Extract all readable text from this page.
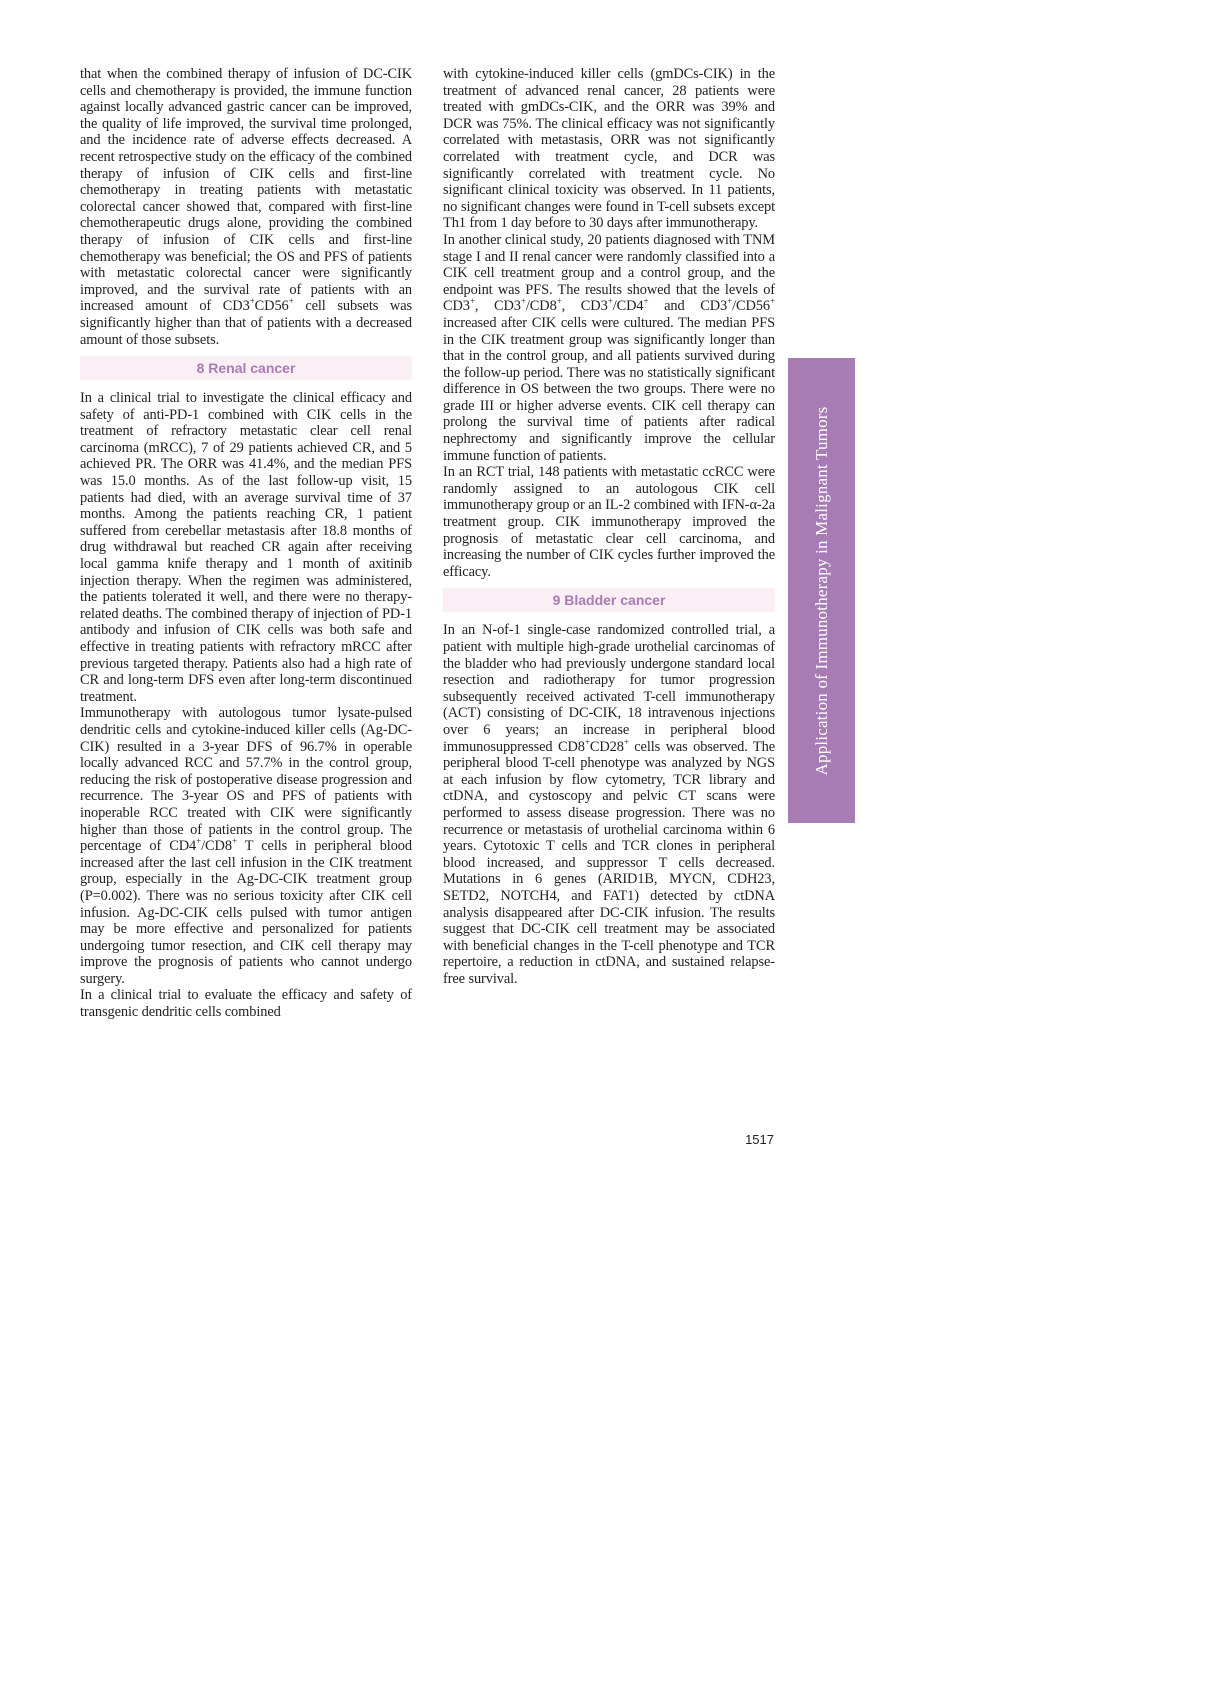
that when the combined therapy of infusion of DC-CIK cells and chemotherapy is provided, the immune function against locally advanced gastric cancer can be improved, the quality of life improved, the survival time prolonged, and the incidence rate of adverse effects decreased. A recent retrospective study on the efficacy of the combined therapy of infusion of CIK cells and first-line chemotherapy in treating patients with metastatic colorectal cancer showed that, compared with first-line chemotherapeutic drugs alone, providing the combined therapy of infusion of CIK cells and first-line chemotherapy was beneficial; the OS and PFS of patients with metastatic colorectal cancer were significantly improved, and the survival rate of patients with an increased amount of CD3+CD56+ cell subsets was significantly higher than that of patients with a decreased amount of those subsets.

8 Renal cancer

In a clinical trial to investigate the clinical efficacy and safety of anti-PD-1 combined with CIK cells in the treatment of refractory metastatic clear cell renal carcinoma (mRCC), 7 of 29 patients achieved CR, and 5 achieved PR. The ORR was 41.4%, and the median PFS was 15.0 months. As of the last follow-up visit, 15 patients had died, with an average survival time of 37 months. Among the patients reaching CR, 1 patient suffered from cerebellar metastasis after 18.8 months of drug withdrawal but reached CR again after receiving local gamma knife therapy and 1 month of axitinib injection therapy. When the regimen was administered, the patients tolerated it well, and there were no therapy-related deaths. The combined therapy of injection of PD-1 antibody and infusion of CIK cells was both safe and effective in treating patients with refractory mRCC after previous targeted therapy. Patients also had a high rate of CR and long-term DFS even after long-term discontinued treatment.

Immunotherapy with autologous tumor lysate-pulsed dendritic cells and cytokine-induced killer cells (Ag-DC-CIK) resulted in a 3-year DFS of 96.7% in operable locally advanced RCC and 57.7% in the control group, reducing the risk of postoperative disease progression and recurrence. The 3-year OS and PFS of patients with inoperable RCC treated with CIK were significantly higher than those of patients in the control group. The percentage of CD4+/CD8+ T cells in peripheral blood increased after the last cell infusion in the CIK treatment group, especially in the Ag-DC-CIK treatment group (P=0.002). There was no serious toxicity after CIK cell infusion. Ag-DC-CIK cells pulsed with tumor antigen may be more effective and personalized for patients undergoing tumor resection, and CIK cell therapy may improve the prognosis of patients who cannot undergo surgery.

In a clinical trial to evaluate the efficacy and safety of transgenic dendritic cells combined

with cytokine-induced killer cells (gmDCs-CIK) in the treatment of advanced renal cancer, 28 patients were treated with gmDCs-CIK, and the ORR was 39% and DCR was 75%. The clinical efficacy was not significantly correlated with metastasis, ORR was not significantly correlated with treatment cycle, and DCR was significantly correlated with treatment cycle. No significant clinical toxicity was observed. In 11 patients, no significant changes were found in T-cell subsets except Th1 from 1 day before to 30 days after immunotherapy.

In another clinical study, 20 patients diagnosed with TNM stage I and II renal cancer were randomly classified into a CIK cell treatment group and a control group, and the endpoint was PFS. The results showed that the levels of CD3+, CD3+/CD8+, CD3+/CD4+ and CD3+/CD56+ increased after CIK cells were cultured. The median PFS in the CIK treatment group was significantly longer than that in the control group, and all patients survived during the follow-up period. There was no statistically significant difference in OS between the two groups. There were no grade III or higher adverse events. CIK cell therapy can prolong the survival time of patients after radical nephrectomy and significantly improve the cellular immune function of patients.

In an RCT trial, 148 patients with metastatic ccRCC were randomly assigned to an autologous CIK cell immunotherapy group or an IL-2 combined with IFN-α-2a treatment group. CIK immunotherapy improved the prognosis of metastatic clear cell carcinoma, and increasing the number of CIK cycles further improved the efficacy.

9 Bladder cancer

In an N-of-1 single-case randomized controlled trial, a patient with multiple high-grade urothelial carcinomas of the bladder who had previously undergone standard local resection and radiotherapy for tumor progression subsequently received activated T-cell immunotherapy (ACT) consisting of DC-CIK, 18 intravenous injections over 6 years; an increase in peripheral blood immunosuppressed CD8+CD28+ cells was observed. The peripheral blood T-cell phenotype was analyzed by NGS at each infusion by flow cytometry, TCR library and ctDNA, and cystoscopy and pelvic CT scans were performed to assess disease progression. There was no recurrence or metastasis of urothelial carcinoma within 6 years. Cytotoxic T cells and TCR clones in peripheral blood increased, and suppressor T cells decreased. Mutations in 6 genes (ARID1B, MYCN, CDH23, SETD2, NOTCH4, and FAT1) detected by ctDNA analysis disappeared after DC-CIK infusion. The results suggest that DC-CIK cell treatment may be associated with beneficial changes in the T-cell phenotype and TCR repertoire, a reduction in ctDNA, and sustained relapse-free survival.

1517
Application of Immunotherapy in Malignant Tumors
